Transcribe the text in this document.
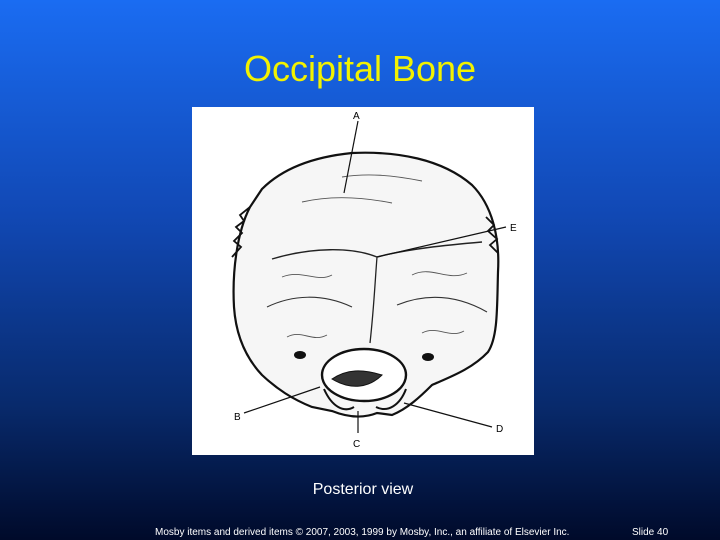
Occipital Bone
A
E
B
C
D
Posterior view
Mosby items and derived items © 2007, 2003, 1999 by Mosby, Inc., an affiliate of Elsevier Inc.	Slide 40
